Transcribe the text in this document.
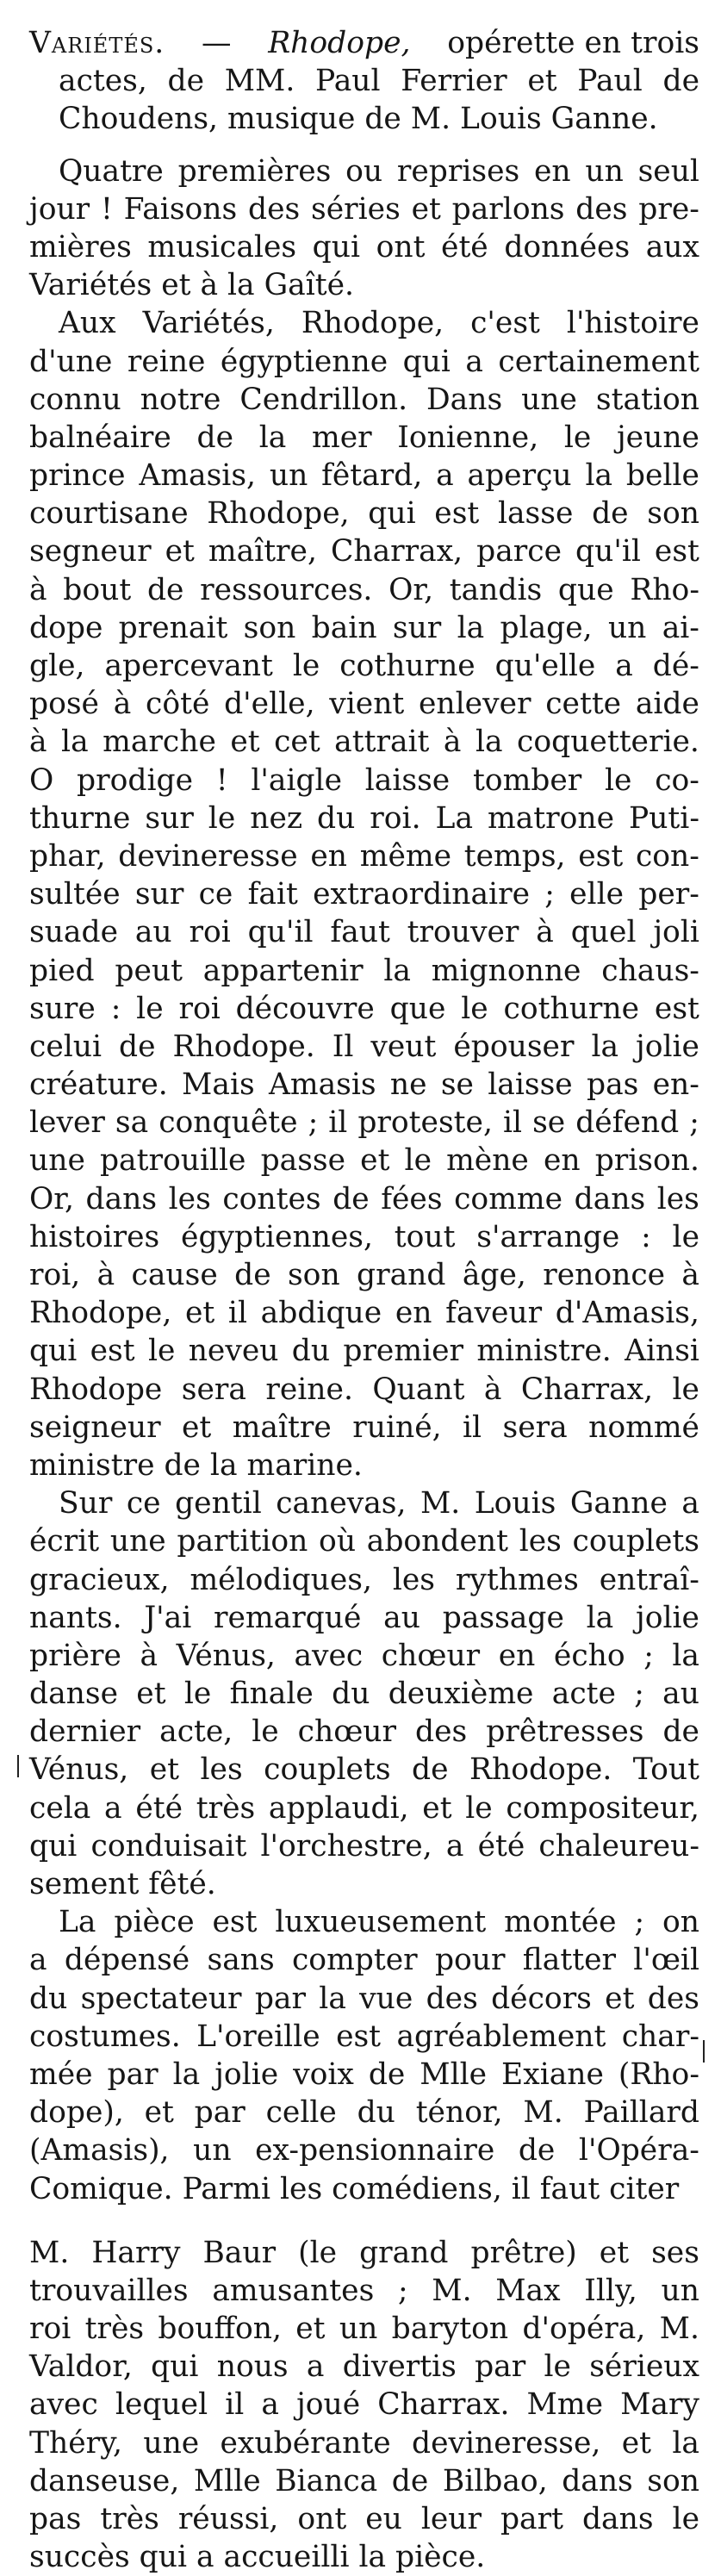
Variétés. — Rhodope, opérette en trois
actes, de MM. Paul Ferrier et Paul de
Choudens, musique de M. Louis Ganne.
Quatre premières ou reprises en un seul
jour ! Faisons des séries et parlons des pre-
mières musicales qui ont été données aux
Variétés et à la Gaîté.
Aux Variétés, Rhodope, c'est l'histoire
d'une reine égyptienne qui a certainement
connu notre Cendrillon. Dans une station
balnéaire de la mer Ionienne, le jeune
prince Amasis, un fêtard, a aperçu la belle
courtisane Rhodope, qui est lasse de son
segneur et maître, Charrax, parce qu'il est
à bout de ressources. Or, tandis que Rho-
dope prenait son bain sur la plage, un ai-
gle, apercevant le cothurne qu'elle a dé-
posé à côté d'elle, vient enlever cette aide
à la marche et cet attrait à la coquetterie.
O prodige ! l'aigle laisse tomber le co-
thurne sur le nez du roi. La matrone Puti-
phar, devineresse en même temps, est con-
sultée sur ce fait extraordinaire ; elle per-
suade au roi qu'il faut trouver à quel joli
pied peut appartenir la mignonne chaus-
sure : le roi découvre que le cothurne est
celui de Rhodope. Il veut épouser la jolie
créature. Mais Amasis ne se laisse pas en-
lever sa conquête ; il proteste, il se défend ;
une patrouille passe et le mène en prison.
Or, dans les contes de fées comme dans les
histoires égyptiennes, tout s'arrange : le
roi, à cause de son grand âge, renonce à
Rhodope, et il abdique en faveur d'Amasis,
qui est le neveu du premier ministre. Ainsi
Rhodope sera reine. Quant à Charrax, le
seigneur et maître ruiné, il sera nommé
ministre de la marine.
Sur ce gentil canevas, M. Louis Ganne a
écrit une partition où abondent les couplets
gracieux, mélodiques, les rythmes entraî-
nants. J'ai remarqué au passage la jolie
prière à Vénus, avec chœur en écho ; la
danse et le finale du deuxième acte ; au
dernier acte, le chœur des prêtresses de
Vénus, et les couplets de Rhodope. Tout
cela a été très applaudi, et le compositeur,
qui conduisait l'orchestre, a été chaleureu-
sement fêté.
La pièce est luxueusement montée ; on
a dépensé sans compter pour flatter l'œil
du spectateur par la vue des décors et des
costumes. L'oreille est agréablement char-
mée par la jolie voix de Mlle Exiane (Rho-
dope), et par celle du ténor, M. Paillard
(Amasis), un ex-pensionnaire de l'Opéra-
Comique. Parmi les comédiens, il faut citer
M. Harry Baur (le grand prêtre) et ses
trouvailles amusantes ; M. Max Illy, un
roi très bouffon, et un baryton d'opéra, M.
Valdor, qui nous a divertis par le sérieux
avec lequel il a joué Charrax. Mme Mary
Théry, une exubérante devineresse, et la
danseuse, Mlle Bianca de Bilbao, dans son
pas très réussi, ont eu leur part dans le
succès qui a accueilli la pièce.
